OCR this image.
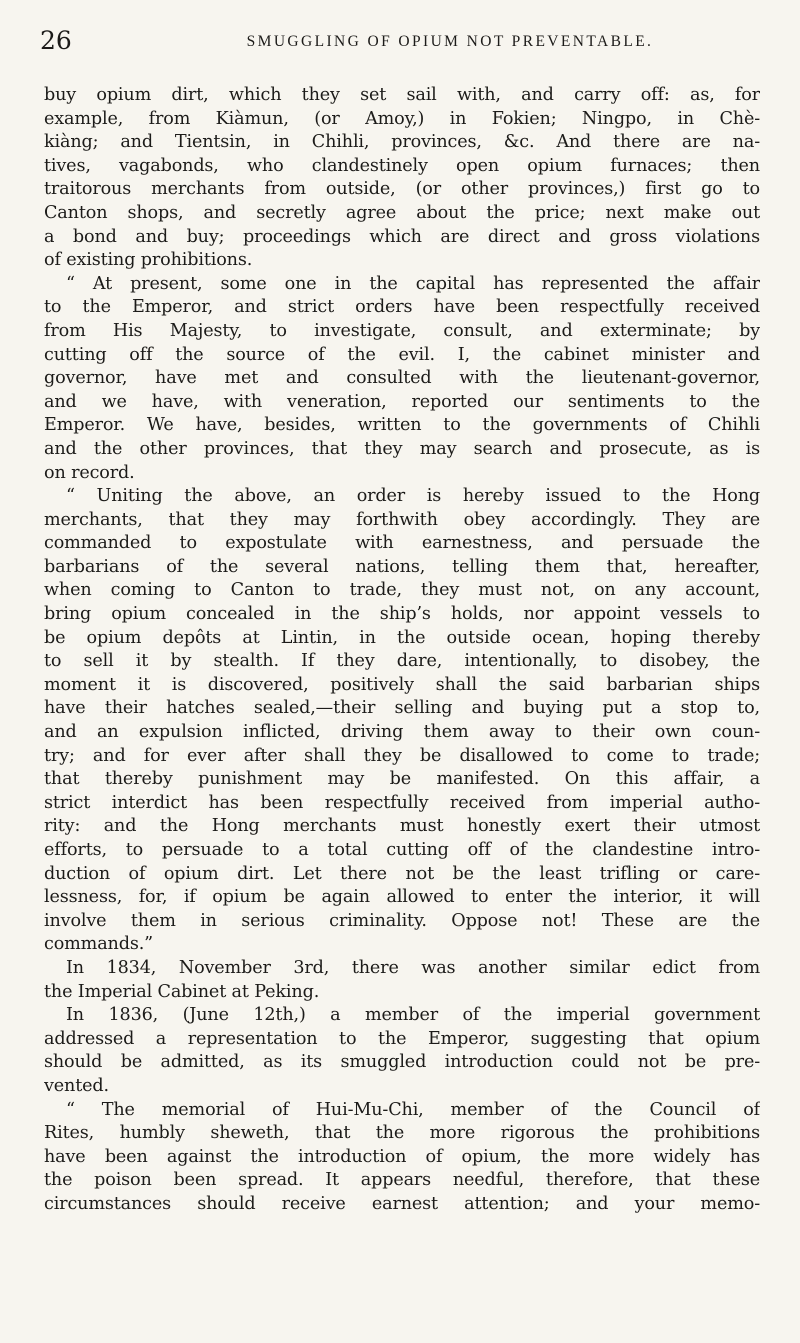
26	SMUGGLING OF OPIUM NOT PREVENTABLE.
buy opium dirt, which they set sail with, and carry off: as, for
example, from Kiàmun, (or Amoy,) in Fokien; Ningpo, in Chè-
kiàng; and Tientsin, in Chihli, provinces, &c. And there are na-
tives, vagabonds, who clandestinely open opium furnaces; then
traitorous merchants from outside, (or other provinces,) first go to
Canton shops, and secretly agree about the price; next make out
a bond and buy; proceedings which are direct and gross violations
of existing prohibitions.
“ At present, some one in the capital has represented the affair
to the Emperor, and strict orders have been respectfully received
from His Majesty, to investigate, consult, and exterminate; by
cutting off the source of the evil. I, the cabinet minister and
governor, have met and consulted with the lieutenant-governor,
and we have, with veneration, reported our sentiments to the
Emperor. We have, besides, written to the governments of Chihli
and the other provinces, that they may search and prosecute, as is
on record.
“ Uniting the above, an order is hereby issued to the Hong
merchants, that they may forthwith obey accordingly. They are
commanded to expostulate with earnestness, and persuade the
barbarians of the several nations, telling them that, hereafter,
when coming to Canton to trade, they must not, on any account,
bring opium concealed in the ship’s holds, nor appoint vessels to
be opium depôts at Lintin, in the outside ocean, hoping thereby
to sell it by stealth. If they dare, intentionally, to disobey, the
moment it is discovered, positively shall the said barbarian ships
have their hatches sealed,—their selling and buying put a stop to,
and an expulsion inflicted, driving them away to their own coun-
try; and for ever after shall they be disallowed to come to trade;
that thereby punishment may be manifested. On this affair, a
strict interdict has been respectfully received from imperial autho-
rity: and the Hong merchants must honestly exert their utmost
efforts, to persuade to a total cutting off of the clandestine intro-
duction of opium dirt. Let there not be the least trifling or care-
lessness, for, if opium be again allowed to enter the interior, it will
involve them in serious criminality. Oppose not! These are the
commands.”
In 1834, November 3rd, there was another similar edict from
the Imperial Cabinet at Peking.
In 1836, (June 12th,) a member of the imperial government
addressed a representation to the Emperor, suggesting that opium
should be admitted, as its smuggled introduction could not be pre-
vented.
“ The memorial of Hui-Mu-Chi, member of the Council of
Rites, humbly sheweth, that the more rigorous the prohibitions
have been against the introduction of opium, the more widely has
the poison been spread. It appears needful, therefore, that these
circumstances should receive earnest attention; and your memo-
